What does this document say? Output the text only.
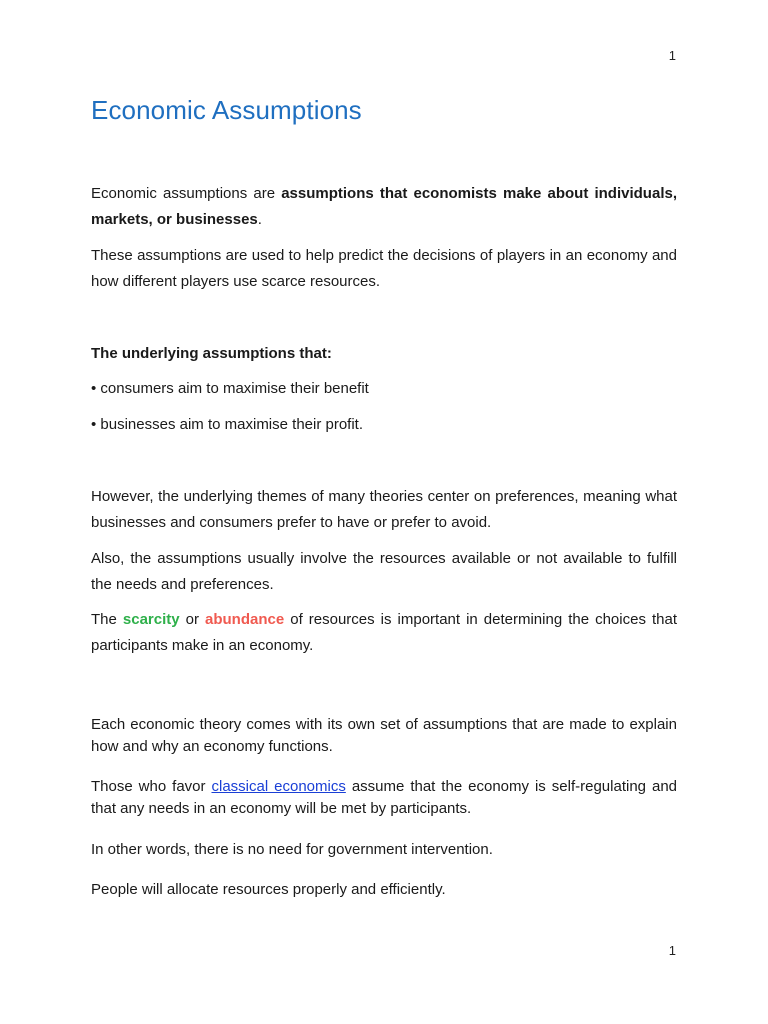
1
Economic Assumptions

Economic assumptions are assumptions that economists make about individuals, markets, or businesses.

These assumptions are used to help predict the decisions of players in an economy and how different players use scarce resources.

The underlying assumptions that:

• consumers aim to maximise their benefit

• businesses aim to maximise their profit.

However, the underlying themes of many theories center on preferences, meaning what businesses and consumers prefer to have or prefer to avoid.

Also, the assumptions usually involve the resources available or not available to fulfill the needs and preferences.

The scarcity or abundance of resources is important in determining the choices that participants make in an economy.

Each economic theory comes with its own set of assumptions that are made to explain how and why an economy functions.

Those who favor classical economics assume that the economy is self-regulating and that any needs in an economy will be met by participants.

In other words, there is no need for government intervention.

People will allocate resources properly and efficiently.

1
